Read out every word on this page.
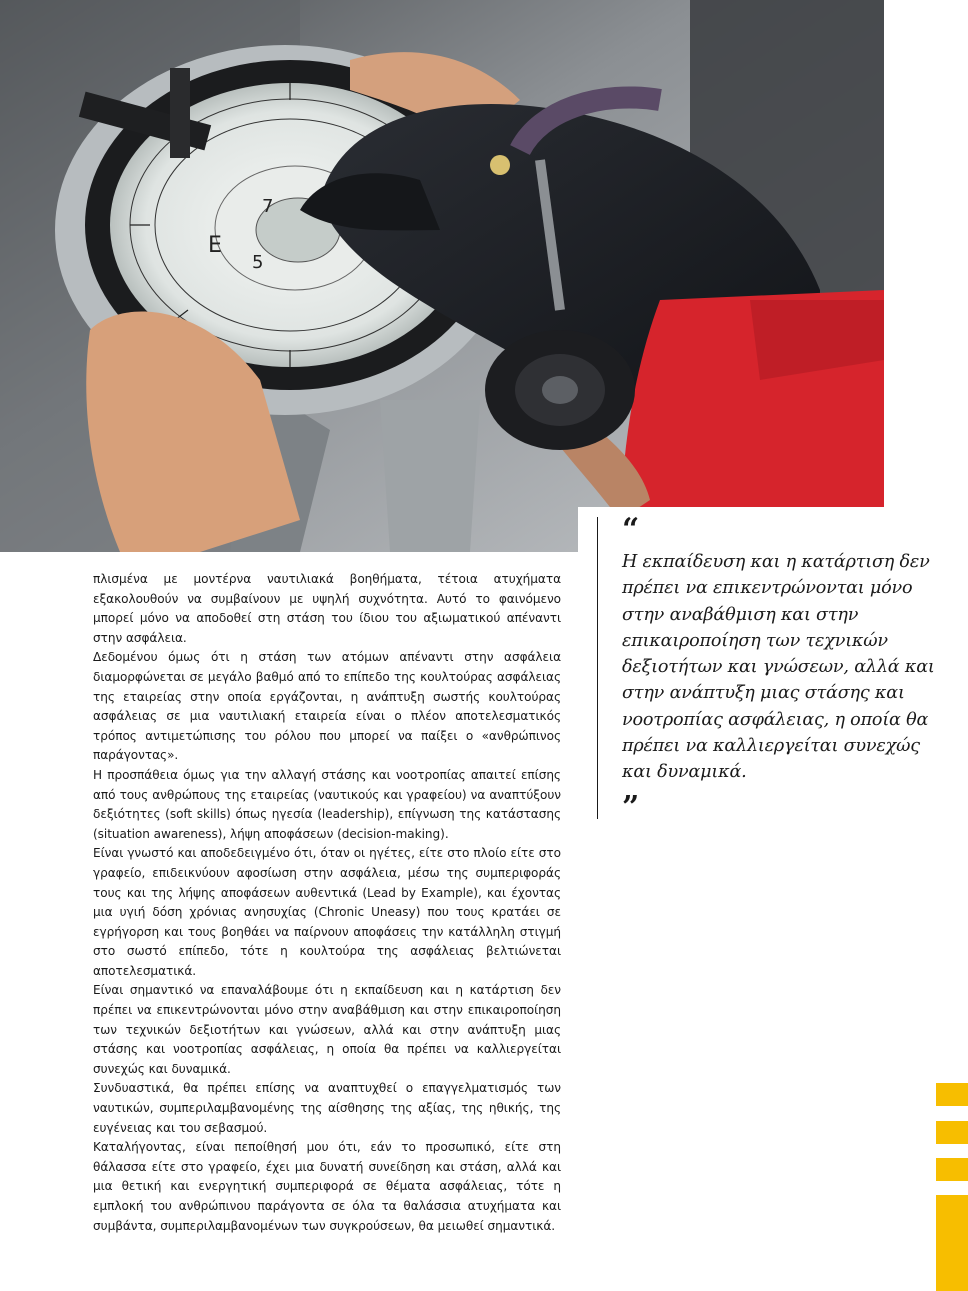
E
5
7

πλισμένα με μοντέρνα ναυτιλιακά βοηθήματα, τέτοια ατυχήματα εξακολουθούν να συμβαίνουν με υψηλή συχνότητα. Αυτό το φαινόμενο μπορεί μόνο να αποδοθεί στη στάση του ίδιου του αξιωματικού απέναντι στην ασφάλεια.

Δεδομένου όμως ότι η στάση των ατόμων απέναντι στην ασφάλεια διαμορφώνεται σε μεγάλο βαθμό από το επίπεδο της κουλτούρας ασφάλειας της εταιρείας στην οποία εργάζονται, η ανάπτυξη σωστής κουλτούρας ασφάλειας σε μια ναυτιλιακή εταιρεία είναι ο πλέον αποτελεσματικός τρόπος αντιμετώπισης του ρόλου που μπορεί να παίξει ο «ανθρώπινος παράγοντας».

Η προσπάθεια όμως για την αλλαγή στάσης και νοοτροπίας απαιτεί επίσης από τους ανθρώπους της εταιρείας (ναυτικούς και γραφείου) να αναπτύξουν δεξιότητες (soft skills) όπως ηγεσία (leadership), επίγνωση της κατάστασης (situation awareness), λήψη αποφάσεων (decision-making).

Είναι γνωστό και αποδεδειγμένο ότι, όταν οι ηγέτες, είτε στο πλοίο είτε στο γραφείο, επιδεικνύουν αφοσίωση στην ασφάλεια, μέσω της συμπεριφοράς τους και της λήψης αποφάσεων αυθεντικά (Lead by Example), και έχοντας μια υγιή δόση χρόνιας ανησυχίας (Chronic Uneasy) που τους κρατάει σε εγρήγορση και τους βοηθάει να παίρνουν αποφάσεις την κατάλληλη στιγμή στο σωστό επίπεδο, τότε η κουλτούρα της ασφάλειας βελτιώνεται αποτελεσματικά.

Είναι σημαντικό να επαναλάβουμε ότι η εκπαίδευση και η κατάρτιση δεν πρέπει να επικεντρώνονται μόνο στην αναβάθμιση και στην επικαιροποίηση των τεχνικών δεξιοτήτων και γνώσεων, αλλά και στην ανάπτυξη μιας στάσης και νοοτροπίας ασφάλειας, η οποία θα πρέπει να καλλιεργείται συνεχώς και δυναμικά.

Συνδυαστικά, θα πρέπει επίσης να αναπτυχθεί ο επαγγελματισμός των ναυτικών, συμπεριλαμβανομένης της αίσθησης της αξίας, της ηθικής, της ευγένειας και του σεβασμού.

Καταλήγοντας, είναι πεποίθησή μου ότι, εάν το προσωπικό, είτε στη θάλασσα είτε στο γραφείο, έχει μια δυνατή συνείδηση και στάση, αλλά και μια θετική και ενεργητική συμπεριφορά σε θέματα ασφάλειας, τότε η εμπλοκή του ανθρώπινου παράγοντα σε όλα τα θαλάσσια ατυχήματα και συμβάντα, συμπεριλαμβανομένων των συγκρούσεων, θα μειωθεί σημαντικά.

“

Η εκπαίδευση και η κατάρτιση δεν πρέπει να επικεντρώνονται μόνο στην αναβάθμιση και στην επικαιροποίηση των τεχνικών δεξιοτήτων και γνώσεων, αλλά και στην ανάπτυξη μιας στάσης και νοοτροπίας ασφάλειας, η οποία θα πρέπει να καλλιεργείται συνεχώς και δυναμικά.

”
